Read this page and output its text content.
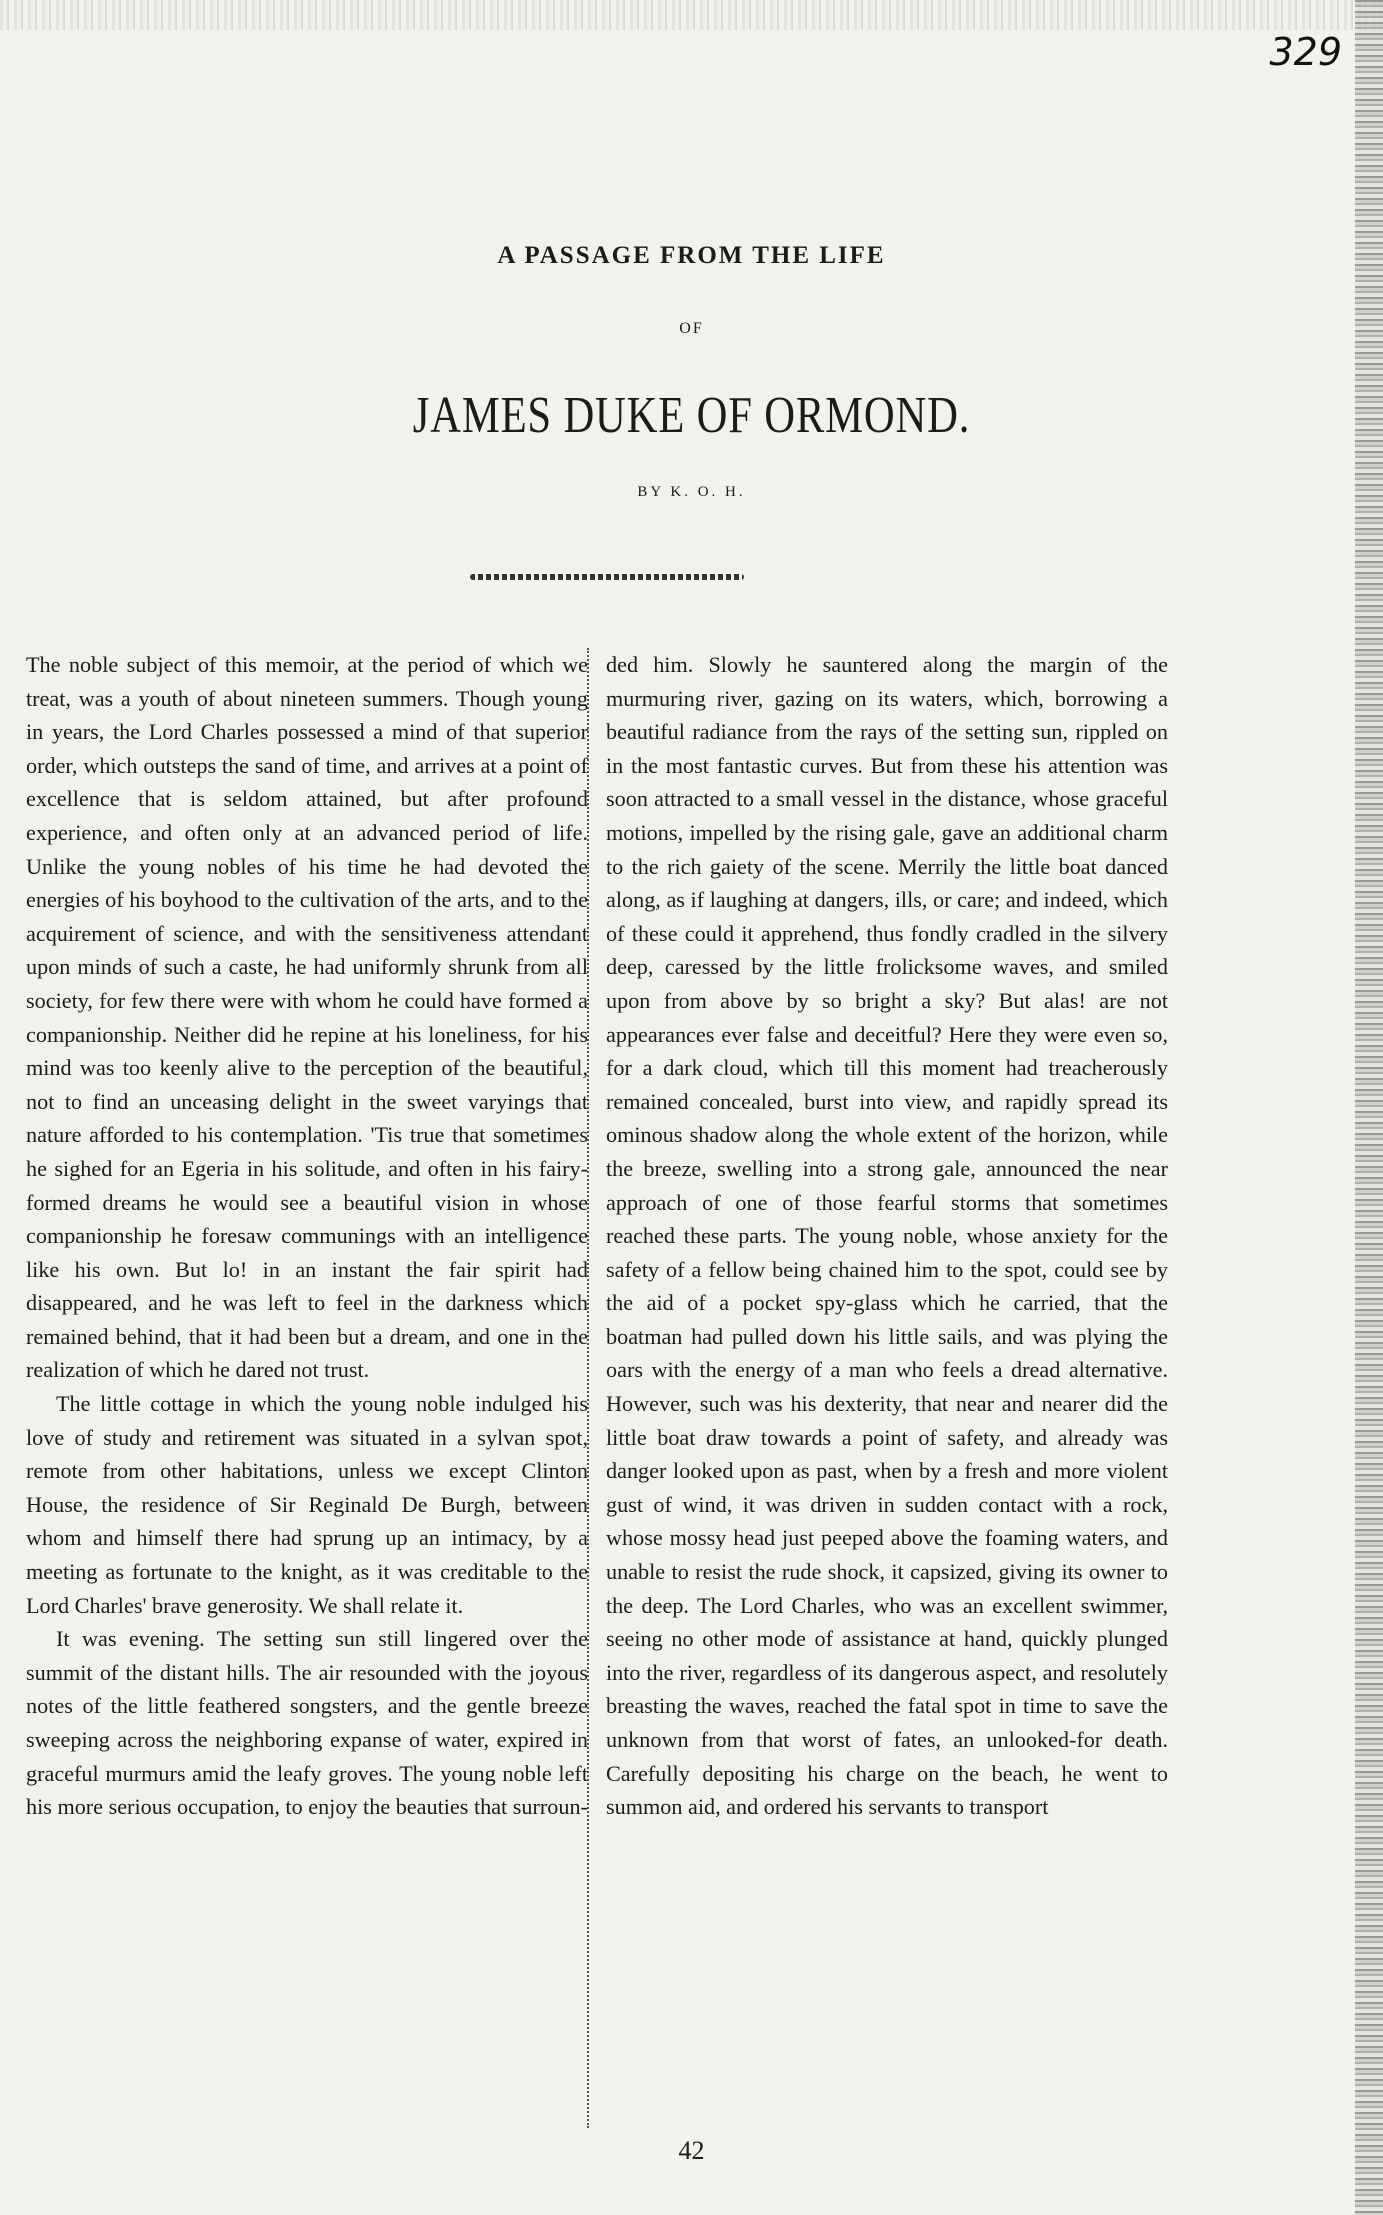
329
A PASSAGE FROM THE LIFE
OF
JAMES DUKE OF ORMOND.
BY K. O. H.

The noble subject of this memoir, at the period of which we treat, was a youth of about nineteen summers. Though young in years, the Lord Charles possessed a mind of that superior order, which outsteps the sand of time, and arrives at a point of excellence that is seldom attained, but after profound experience, and often only at an advanced period of life. Unlike the young nobles of his time he had devoted the energies of his boyhood to the cultivation of the arts, and to the acquirement of science, and with the sensitiveness attendant upon minds of such a caste, he had uniformly shrunk from all society, for few there were with whom he could have formed a companionship. Neither did he repine at his loneliness, for his mind was too keenly alive to the perception of the beautiful, not to find an unceasing delight in the sweet varyings that nature afforded to his contemplation. 'Tis true that sometimes he sighed for an Egeria in his solitude, and often in his fairy-formed dreams he would see a beautiful vision in whose companionship he foresaw communings with an intelligence like his own. But lo! in an instant the fair spirit had disappeared, and he was left to feel in the darkness which remained behind, that it had been but a dream, and one in the realization of which he dared not trust.

The little cottage in which the young noble indulged his love of study and retirement was situated in a sylvan spot, remote from other habitations, unless we except Clinton House, the residence of Sir Reginald De Burgh, between whom and himself there had sprung up an intimacy, by a meeting as fortunate to the knight, as it was creditable to the Lord Charles' brave generosity. We shall relate it.

It was evening. The setting sun still lingered over the summit of the distant hills. The air resounded with the joyous notes of the little feathered songsters, and the gentle breeze sweeping across the neighboring expanse of water, expired in graceful murmurs amid the leafy groves. The young noble left his more serious occupation, to enjoy the beauties that surroun-

ded him. Slowly he sauntered along the margin of the murmuring river, gazing on its waters, which, borrowing a beautiful radiance from the rays of the setting sun, rippled on in the most fantastic curves. But from these his attention was soon attracted to a small vessel in the distance, whose graceful motions, impelled by the rising gale, gave an additional charm to the rich gaiety of the scene. Merrily the little boat danced along, as if laughing at dangers, ills, or care; and indeed, which of these could it apprehend, thus fondly cradled in the silvery deep, caressed by the little frolicksome waves, and smiled upon from above by so bright a sky? But alas! are not appearances ever false and deceitful? Here they were even so, for a dark cloud, which till this moment had treacherously remained concealed, burst into view, and rapidly spread its ominous shadow along the whole extent of the horizon, while the breeze, swelling into a strong gale, announced the near approach of one of those fearful storms that sometimes reached these parts. The young noble, whose anxiety for the safety of a fellow being chained him to the spot, could see by the aid of a pocket spy-glass which he carried, that the boatman had pulled down his little sails, and was plying the oars with the energy of a man who feels a dread alternative. However, such was his dexterity, that near and nearer did the little boat draw towards a point of safety, and already was danger looked upon as past, when by a fresh and more violent gust of wind, it was driven in sudden contact with a rock, whose mossy head just peeped above the foaming waters, and unable to resist the rude shock, it capsized, giving its owner to the deep. The Lord Charles, who was an excellent swimmer, seeing no other mode of assistance at hand, quickly plunged into the river, regardless of its dangerous aspect, and resolutely breasting the waves, reached the fatal spot in time to save the unknown from that worst of fates, an unlooked-for death. Carefully depositing his charge on the beach, he went to summon aid, and ordered his servants to transport

42
